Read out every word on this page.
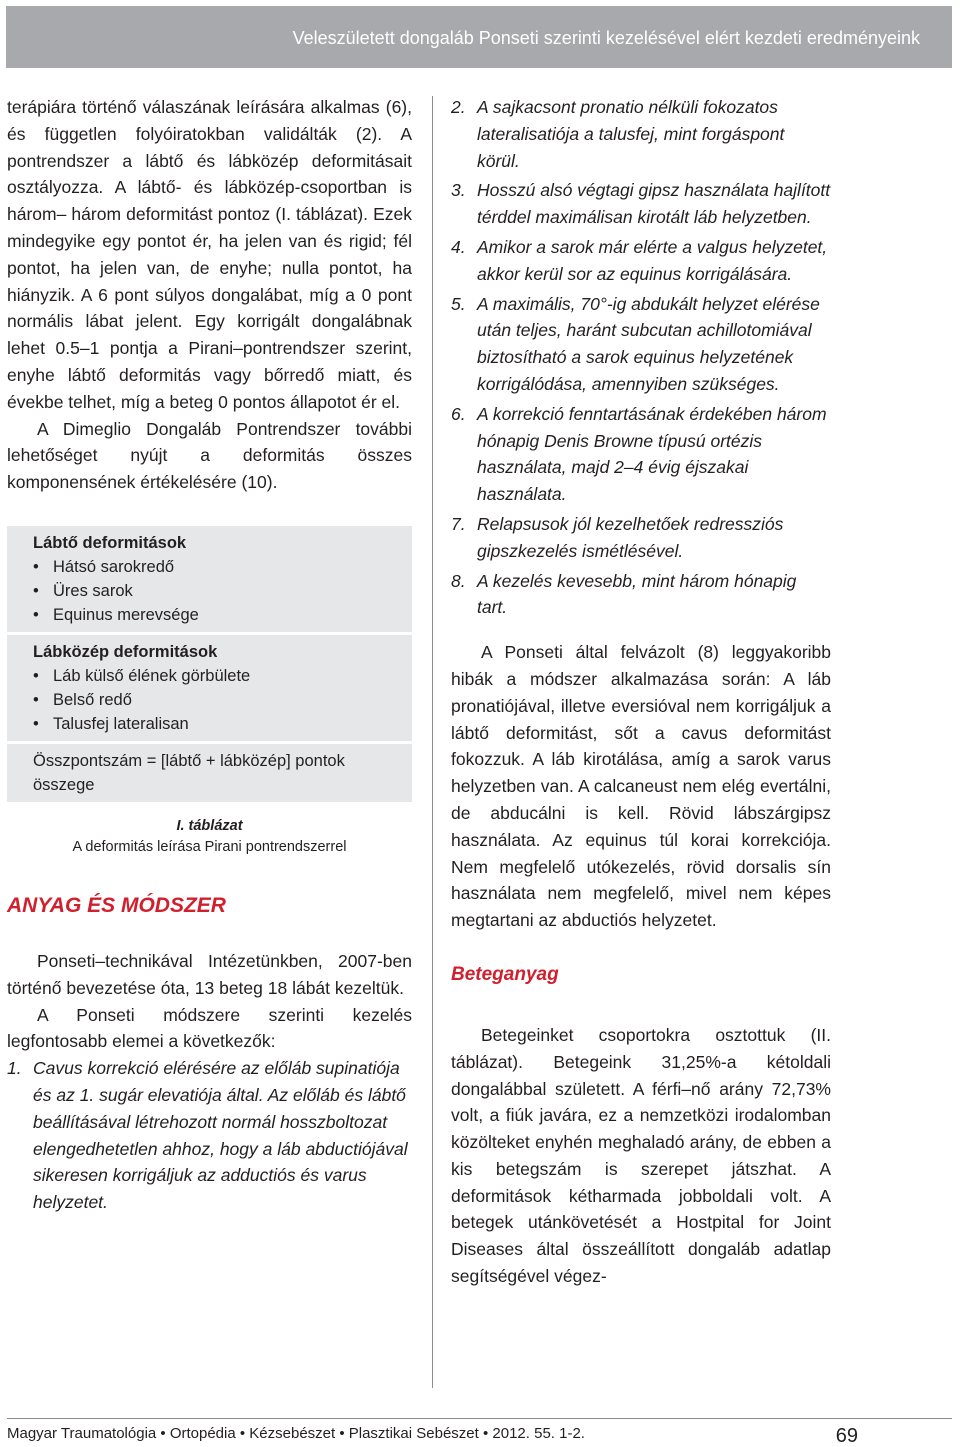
Veleszületett dongaláb Ponseti szerinti kezelésével elért kezdeti eredményeink

terápiára történő válaszának leírására alkalmas (6), és független folyóiratokban validálták (2). A pontrendszer a lábtő és lábközép deformitásait osztályozza. A lábtő- és lábközép-csoportban is három– három deformitást pontoz (I. táblázat). Ezek mindegyike egy pontot ér, ha jelen van és rigid; fél pontot, ha jelen van, de enyhe; nulla pontot, ha hiányzik. A 6 pont súlyos dongalábat, míg a 0 pont normális lábat jelent. Egy korrigált dongalábnak lehet 0.5–1 pontja a Pirani–pontrendszer szerint, enyhe lábtő deformitás vagy bőrredő miatt, és évekbe telhet, míg a beteg 0 pontos állapotot ér el.

A Dimeglio Dongaláb Pontrendszer további lehetőséget nyújt a deformitás összes komponensének értékelésére (10).

Lábtő deformitások
• Hátsó sarokredő
• Üres sarok
• Equinus merevsége
Lábközép deformitások
• Láb külső élének görbülete
• Belső redő
• Talusfej lateralisan
Összpontszám = [lábtő + lábközép] pontok összege
I. táblázat
A deformitás leírása Pirani pontrendszerrel
ANYAG ÉS MÓDSZER

Ponseti–technikával Intézetünkben, 2007-ben történő bevezetése óta, 13 beteg 18 lábát kezeltük.

A Ponseti módszere szerinti kezelés legfontosabb elemei a következők:

1. Cavus korrekció elérésére az előláb supinatiója és az 1. sugár elevatiója által. Az előláb és lábtő beállításával létrehozott normál hosszboltozat elengedhetetlen ahhoz, hogy a láb abductiójával sikeresen korrigáljuk az adductiós és varus helyzetet.
2. A sajkacsont pronatio nélküli fokozatos lateralisatiója a talusfej, mint forgáspont körül.
3. Hosszú alsó végtagi gipsz használata hajlított térddel maximálisan kirotált láb helyzetben.
4. Amikor a sarok már elérte a valgus helyzetet, akkor kerül sor az equinus korrigálására.
5. A maximális, 70°-ig abdukált helyzet elérése után teljes, haránt subcutan achillotomiával biztosítható a sarok equinus helyzetének korrigálódása, amennyiben szükséges.
6. A korrekció fenntartásának érdekében három hónapig Denis Browne típusú ortézis használata, majd 2–4 évig éjszakai használata.
7. Relapsusok jól kezelhetőek redressziós gipszkezelés ismétlésével.
8. A kezelés kevesebb, mint három hónapig tart.

A Ponseti által felvázolt (8) leggyakoribb hibák a módszer alkalmazása során: A láb pronatiójával, illetve eversióval nem korrigáljuk a lábtő deformitást, sőt a cavus deformitást fokozzuk. A láb kirotálása, amíg a sarok varus helyzetben van. A calcaneust nem elég evertálni, de abducálni is kell. Rövid lábszárgipsz használata. Az equinus túl korai korrekciója. Nem megfelelő utókezelés, rövid dorsalis sín használata nem megfelelő, mivel nem képes megtartani az abductiós helyzetet.

Beteganyag

Betegeinket csoportokra osztottuk (II. táblázat). Betegeink 31,25%-a kétoldali dongalábbal született. A férfi–nő arány 72,73% volt, a fiúk javára, ez a nemzetközi irodalomban közölteket enyhén meghaladó arány, de ebben a kis betegszám is szerepet játszhat. A deformitások kétharmada jobboldali volt. A betegek utánkövetését a Hostpital for Joint Diseases által összeállított dongaláb adatlap segítségével végez-

Magyar Traumatológia • Ortopédia • Kézsebészet • Plasztikai Sebészet • 2012. 55. 1-2.	69
